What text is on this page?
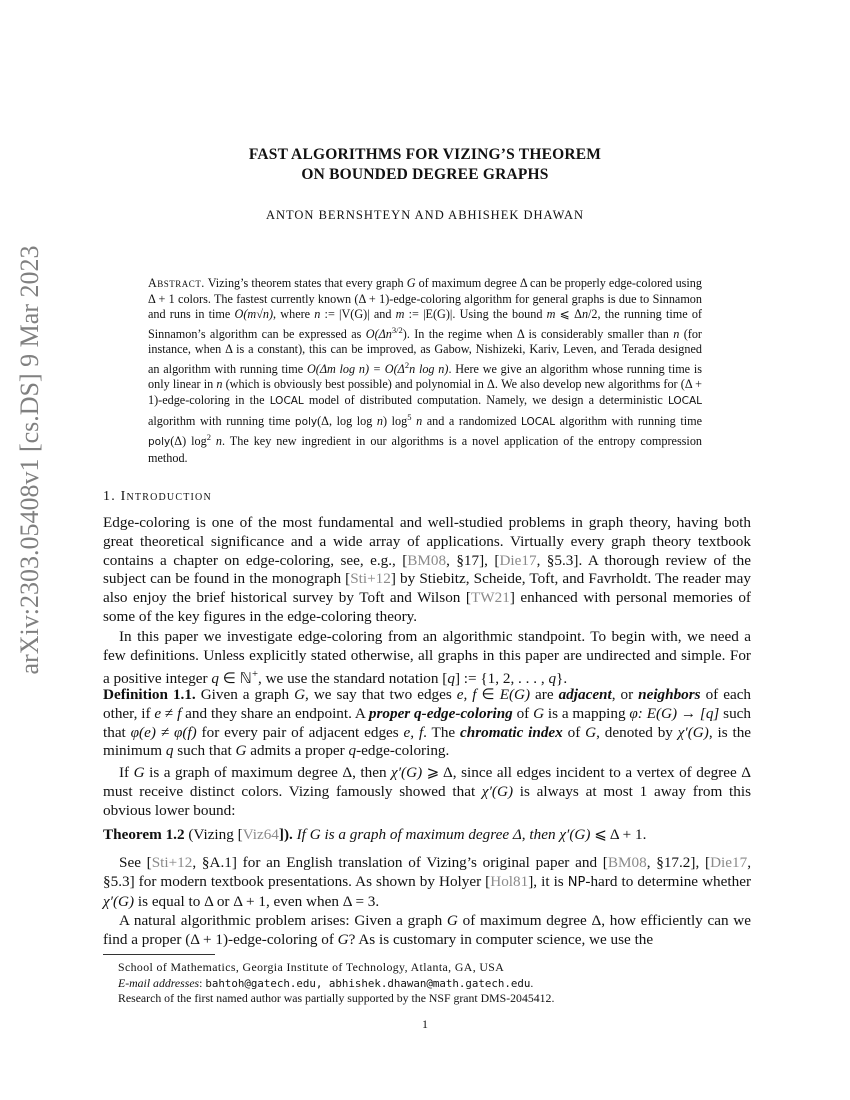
arXiv:2303.05408v1 [cs.DS] 9 Mar 2023
FAST ALGORITHMS FOR VIZING’S THEOREM
ON BOUNDED DEGREE GRAPHS
ANTON BERNSHTEYN AND ABHISHEK DHAWAN
Abstract. Vizing’s theorem states that every graph G of maximum degree Δ can be properly edge-colored using Δ + 1 colors. The fastest currently known (Δ + 1)-edge-coloring algorithm for general graphs is due to Sinnamon and runs in time O(m√n), where n := |V(G)| and m := |E(G)|. Using the bound m ⩽ Δn/2, the running time of Sinnamon’s algorithm can be expressed as $O(\Delta n^{3/2})$. In the regime when Δ is considerably smaller than n (for instance, when Δ is a constant), this can be improved, as Gabow, Nishizeki, Kariv, Leven, and Terada designed an algorithm with running time O(Δm $\log n) = O(\Delta^2n$ log n). Here we give an algorithm whose running time is only linear in n (which is obviously best possible) and polynomial in Δ. We also develop new algorithms for (Δ + 1)-edge-coloring in the LOCAL model of distributed computation. Namely, we design a deterministic LOCAL algorithm with running time poly(Δ, log log n) $\log^5 n$ and a randomized LOCAL algorithm with running time poly(Δ) $\log^2 n$. The key new ingredient in our algorithms is a novel application of the entropy compression method.
1. Introduction
Edge-coloring is one of the most fundamental and well-studied problems in graph theory, having both great theoretical significance and a wide array of applications. Virtually every graph theory textbook contains a chapter on edge-coloring, see, e.g., [BM08, §17], [Die17, §5.3]. A thorough review of the subject can be found in the monograph [Sti+12] by Stiebitz, Scheide, Toft, and Favrholdt. The reader may also enjoy the brief historical survey by Toft and Wilson [TW21] enhanced with personal memories of some of the key figures in the edge-coloring theory.
In this paper we investigate edge-coloring from an algorithmic standpoint. To begin with, we need a few definitions. Unless explicitly stated otherwise, all graphs in this paper are undirected and simple. For a positive integer q ∈ ℕ+, we use the standard notation [q] := {1, 2, . . . , q}.
Definition 1.1. Given a graph G, we say that two edges e, f ∈ E(G) are adjacent, or neighbors of each other, if e ≠ f and they share an endpoint. A proper q-edge-coloring of G is a mapping φ: E(G) → [q] such that φ(e) ≠ φ(f) for every pair of adjacent edges e, f. The chromatic index of G, denoted by χ′(G), is the minimum q such that G admits a proper q-edge-coloring.
If G is a graph of maximum degree Δ, then χ′(G) ⩾ Δ, since all edges incident to a vertex of degree Δ must receive distinct colors. Vizing famously showed that χ′(G) is always at most 1 away from this obvious lower bound:
Theorem 1.2 (Vizing [Viz64]). If G is a graph of maximum degree Δ, then χ′(G) ⩽ Δ + 1.
See [Sti+12, §A.1] for an English translation of Vizing’s original paper and [BM08, §17.2], [Die17, §5.3] for modern textbook presentations. As shown by Holyer [Hol81], it is NP-hard to determine whether χ′(G) is equal to Δ or Δ + 1, even when Δ = 3.
A natural algorithmic problem arises: Given a graph G of maximum degree Δ, how efficiently can we find a proper (Δ + 1)-edge-coloring of G? As is customary in computer science, we use the
School of Mathematics, Georgia Institute of Technology, Atlanta, GA, USA
E-mail addresses: bahtoh@gatech.edu, abhishek.dhawan@math.gatech.edu.
Research of the first named author was partially supported by the NSF grant DMS-2045412.
1
